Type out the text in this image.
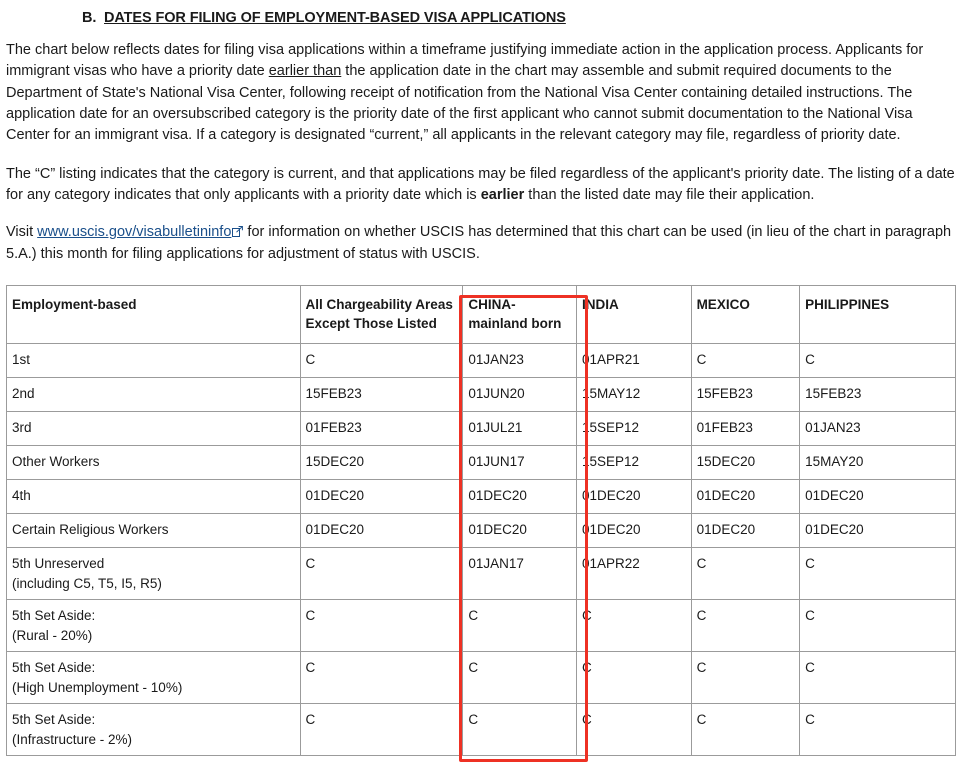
B. DATES FOR FILING OF EMPLOYMENT-BASED VISA APPLICATIONS

The chart below reflects dates for filing visa applications within a timeframe justifying immediate action in the application process. Applicants for immigrant visas who have a priority date earlier than the application date in the chart may assemble and submit required documents to the Department of State's National Visa Center, following receipt of notification from the National Visa Center containing detailed instructions. The application date for an oversubscribed category is the priority date of the first applicant who cannot submit documentation to the National Visa Center for an immigrant visa. If a category is designated “current,” all applicants in the relevant category may file, regardless of priority date.

The “C” listing indicates that the category is current, and that applications may be filed regardless of the applicant's priority date. The listing of a date for any category indicates that only applicants with a priority date which is earlier than the listed date may file their application.

Visit www.uscis.gov/visabulletininfo
for information on whether USCIS has determined that this chart can be used (in lieu of the chart in paragraph 5.A.) this month for filing applications for adjustment of status with USCIS.

Employment-based	All Chargeability Areas Except Those Listed	CHINA-mainland born	INDIA	MEXICO	PHILIPPINES
1st	C	01JAN23	01APR21	C	C
2nd	15FEB23	01JUN20	15MAY12	15FEB23	15FEB23
3rd	01FEB23	01JUL21	15SEP12	01FEB23	01JAN23
Other Workers	15DEC20	01JUN17	15SEP12	15DEC20	15MAY20
4th	01DEC20	01DEC20	01DEC20	01DEC20	01DEC20
Certain Religious Workers	01DEC20	01DEC20	01DEC20	01DEC20	01DEC20
5th Unreserved
(including C5, T5, I5, R5)	C	01JAN17	01APR22	C	C
5th Set Aside:
(Rural - 20%)	C	C	C	C	C
5th Set Aside:
(High Unemployment - 10%)	C	C	C	C	C
5th Set Aside:
(Infrastructure - 2%)	C	C	C	C	C
